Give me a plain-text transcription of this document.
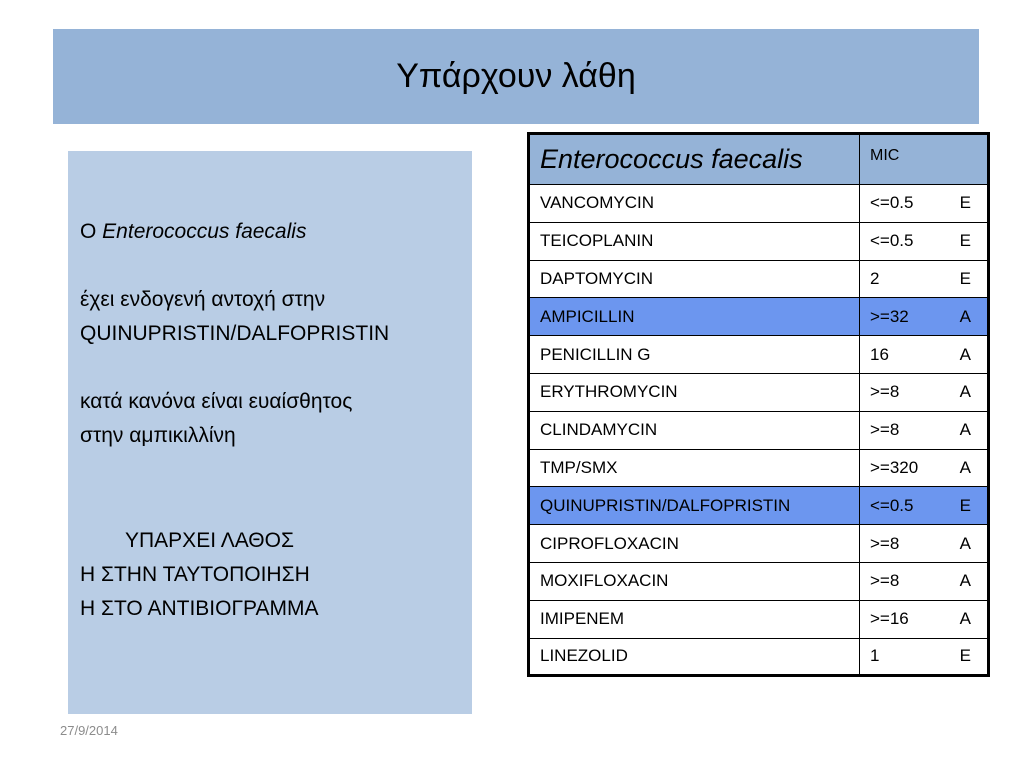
Υπάρχουν λάθη

Ο Enterococcus faecalis

έχει ενδογενή αντοχή στην

QUINUPRISTIN/DALFOPRISTIN

κατά κανόνα είναι ευαίσθητος

στην αμπικιλλίνη

ΥΠΑΡΧΕΙ ΛΑΘΟΣ

Η ΣΤΗΝ ΤΑΥΤΟΠΟΙΗΣΗ

Η ΣΤΟ ΑΝΤΙΒΙΟΓΡΑΜΜΑ

Enterococcus faecalis	MIC
VANCOMYCIN	<=0.5 E

TEICOPLANIN	<=0.5 E

DAPTOMYCIN	2 E

AMPICILLIN	>=32 A

PENICILLIN G	16 A

ERYTHROMYCIN	>=8 A

CLINDAMYCIN	>=8 A

TMP/SMX	>=320 A

QUINUPRISTIN/DALFOPRISTIN	<=0.5 E

CIPROFLOXACIN	>=8 A

MOXIFLOXACIN	>=8 A

IMIPENEM	>=16 A

LINEZOLID	1 E
27/9/2014
